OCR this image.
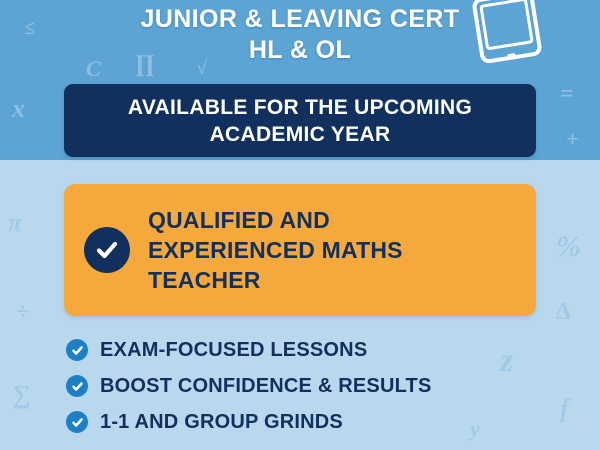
C ∏ √
x
≤
=
+
%
π
÷
∑
z
f
∆
y
JUNIOR & LEAVING CERT
HL & OL
AVAILABLE FOR THE UPCOMING
ACADEMIC YEAR
QUALIFIED AND
EXPERIENCED MATHS
TEACHER
EXAM-FOCUSED LESSONS
BOOST CONFIDENCE & RESULTS
1-1 AND GROUP GRINDS
